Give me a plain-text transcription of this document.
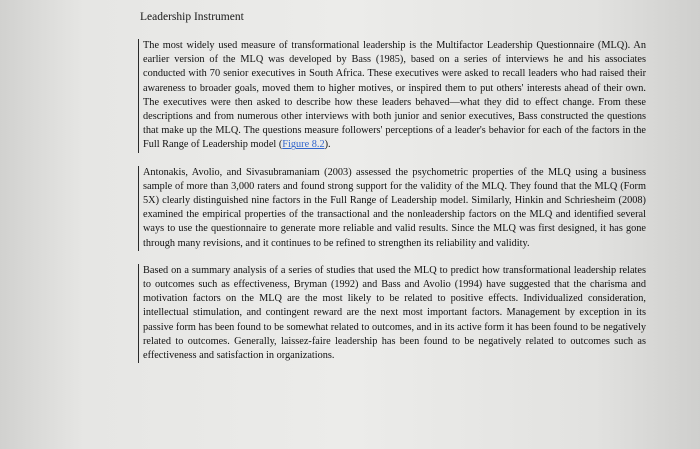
Leadership Instrument

The most widely used measure of transformational leadership is the Multifactor Leadership Questionnaire (MLQ). An earlier version of the MLQ was developed by Bass (1985), based on a series of interviews he and his associates conducted with 70 senior executives in South Africa. These executives were asked to recall leaders who had raised their awareness to broader goals, moved them to higher motives, or inspired them to put others' interests ahead of their own. The executives were then asked to describe how these leaders behaved—what they did to effect change. From these descriptions and from numerous other interviews with both junior and senior executives, Bass constructed the questions that make up the MLQ. The questions measure followers' perceptions of a leader's behavior for each of the factors in the Full Range of Leadership model (Figure 8.2).

Antonakis, Avolio, and Sivasubramaniam (2003) assessed the psychometric properties of the MLQ using a business sample of more than 3,000 raters and found strong support for the validity of the MLQ. They found that the MLQ (Form 5X) clearly distinguished nine factors in the Full Range of Leadership model. Similarly, Hinkin and Schriesheim (2008) examined the empirical properties of the transactional and the nonleadership factors on the MLQ and identified several ways to use the questionnaire to generate more reliable and valid results. Since the MLQ was first designed, it has gone through many revisions, and it continues to be refined to strengthen its reliability and validity.

Based on a summary analysis of a series of studies that used the MLQ to predict how transformational leadership relates to outcomes such as effectiveness, Bryman (1992) and Bass and Avolio (1994) have suggested that the charisma and motivation factors on the MLQ are the most likely to be related to positive effects. Individualized consideration, intellectual stimulation, and contingent reward are the next most important factors. Management by exception in its passive form has been found to be somewhat related to outcomes, and in its active form it has been found to be negatively related to outcomes. Generally, laissez-faire leadership has been found to be negatively related to outcomes such as effectiveness and satisfaction in organizations.
